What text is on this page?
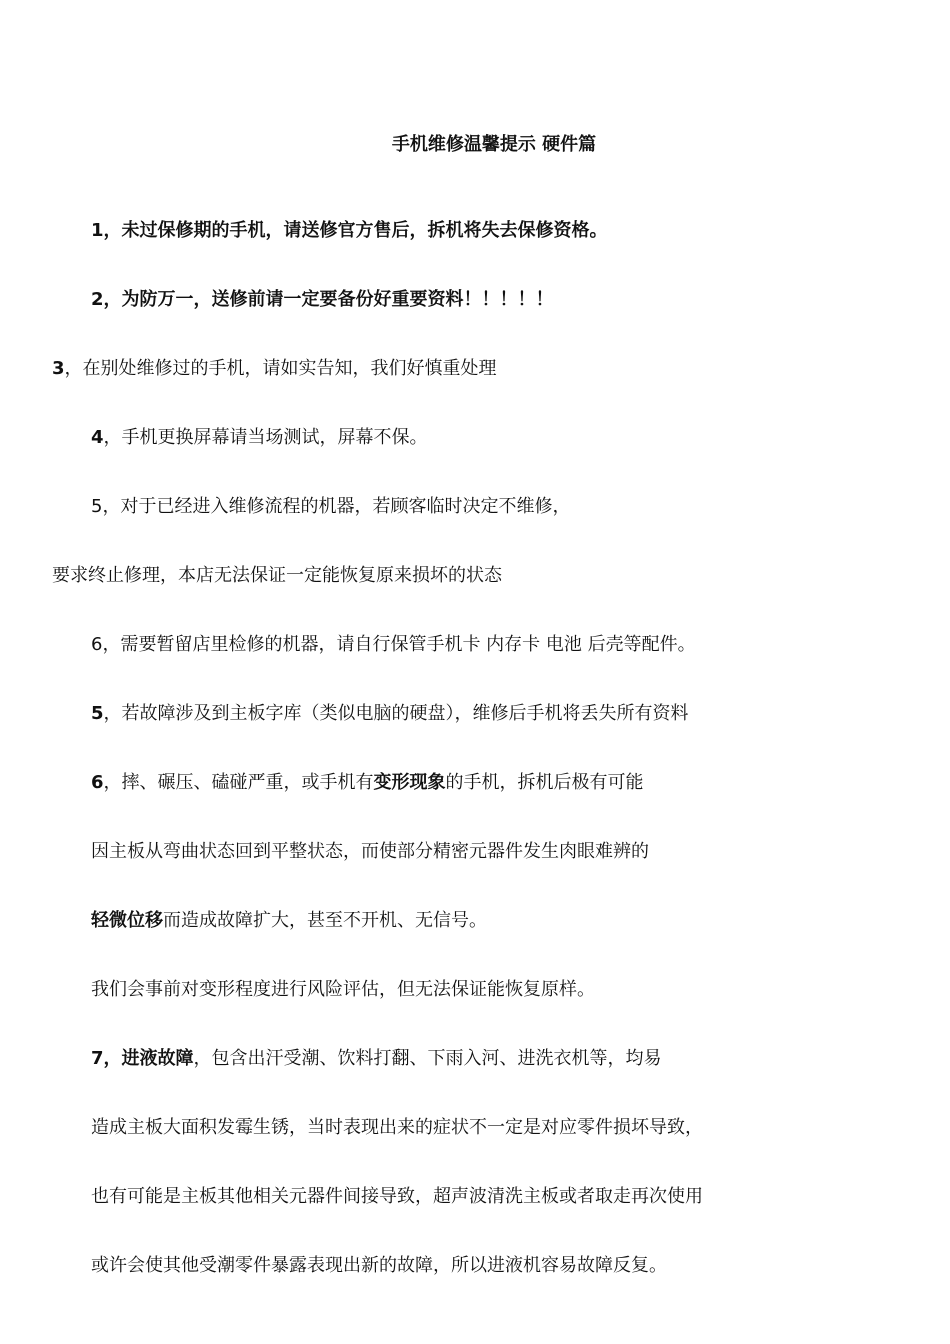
手机维修温馨提示 硬件篇
1，未过保修期的手机，请送修官方售后，拆机将失去保修资格。
2，为防万一，送修前请一定要备份好重要资料！！！！！
3，在别处维修过的手机，请如实告知，我们好慎重处理
4，手机更换屏幕请当场测试，屏幕不保。
5，对于已经进入维修流程的机器，若顾客临时决定不维修，
要求终止修理，本店无法保证一定能恢复原来损坏的状态
6，需要暂留店里检修的机器，请自行保管手机卡 内存卡 电池 后壳等配件。
5，若故障涉及到主板字库（类似电脑的硬盘），维修后手机将丢失所有资料
6，摔、碾压、磕碰严重，或手机有变形现象的手机，拆机后极有可能
因主板从弯曲状态回到平整状态，而使部分精密元器件发生肉眼难辨的
轻微位移而造成故障扩大，甚至不开机、无信号。
我们会事前对变形程度进行风险评估，但无法保证能恢复原样。
7，进液故障，包含出汗受潮、饮料打翻、下雨入河、进洗衣机等，均易
造成主板大面积发霉生锈，当时表现出来的症状不一定是对应零件损坏导致，
也有可能是主板其他相关元器件间接导致，超声波清洗主板或者取走再次使用
或许会使其他受潮零件暴露表现出新的故障，所以进液机容易故障反复。
